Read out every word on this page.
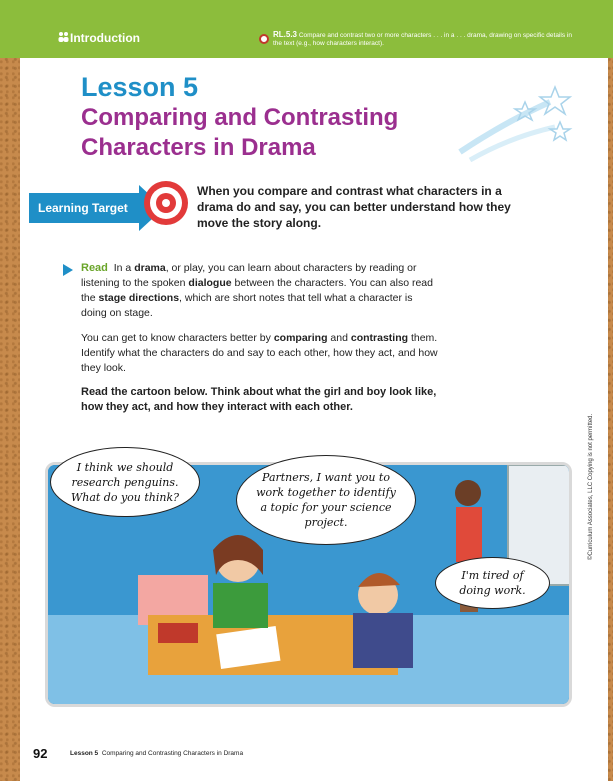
Introduction	RL.5.3 Compare and contrast two or more characters . . . in a . . . drama, drawing on specific details in the text (e.g., how characters interact).
Lesson 5
Comparing and Contrasting
Characters in Drama
Learning Target
When you compare and contrast what characters in a drama do and say, you can better understand how they move the story along.
Read In a drama, or play, you can learn about characters by reading or listening to the spoken dialogue between the characters. You can also read the stage directions, which are short notes that tell what a character is doing on stage.
You can get to know characters better by comparing and contrasting them. Identify what the characters do and say to each other, how they act, and how they look.
Read the cartoon below. Think about what the girl and boy look like, how they act, and how they interact with each other.
I think we should
research penguins.
What do you think?
Partners, I want you to
work together to identify
a topic for your science
project.
I'm tired of
doing work.
©Curriculum Associates, LLC Copying is not permitted.
92	Lesson 5 Comparing and Contrasting Characters in Drama
